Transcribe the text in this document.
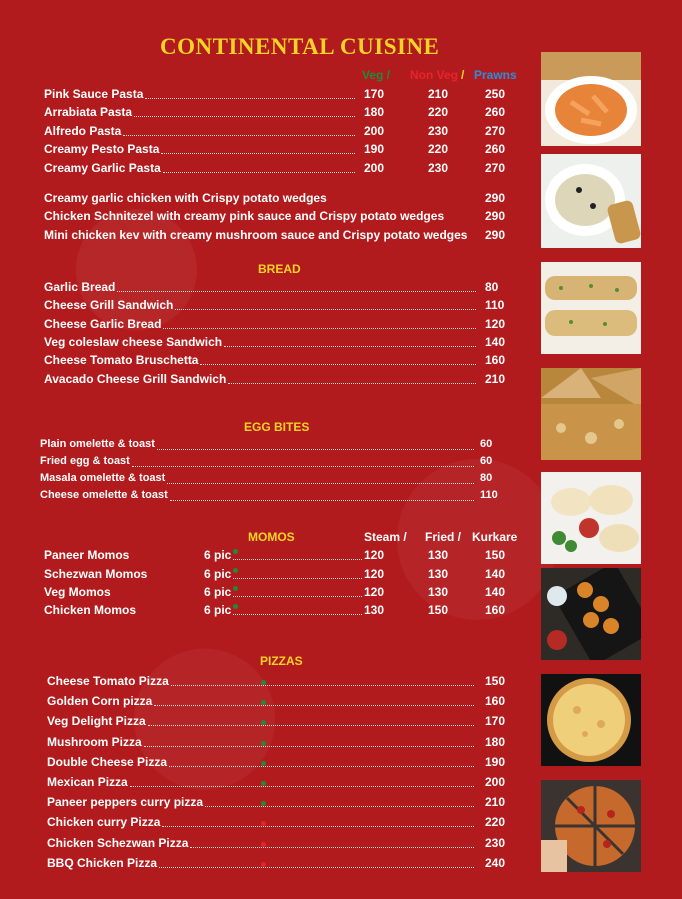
CONTINENTAL CUISINE
Veg / Non Veg / Prawns
Pink Sauce Pasta	170	210	250
Arrabiata Pasta	180	220	260
Alfredo Pasta	200	230	270
Creamy Pesto Pasta	190	220	260
Creamy Garlic Pasta	200	230	270
Creamy garlic chicken with Crispy potato wedges	290
Chicken Schnitezel with creamy pink sauce and Crispy potato wedges	290
Mini chicken kev with creamy mushroom sauce and Crispy potato wedges 290
BREAD
Garlic Bread	80
Cheese Grill Sandwich	110
Cheese Garlic Bread	120
Veg coleslaw cheese Sandwich	140
Cheese Tomato Bruschetta	160
Avacado Cheese Grill Sandwich	210
EGG BITES
Plain omelette & toast	60
Fried egg & toast	60
Masala omelette & toast	80
Cheese omelette & toast	110
MOMOS	Steam / Fried / Kurkare
Paneer Momos	6 pic	120	130	150
Schezwan Momos	6 pic	120	130	140
Veg Momos	6 pic	120	130	140
Chicken Momos	6 pic	130	150	160
PIZZAS
Cheese Tomato Pizza	150
Golden Corn pizza	160
Veg Delight Pizza	170
Mushroom Pizza	180
Double Cheese Pizza	190
Mexican Pizza	200
Paneer peppers curry pizza	210
Chicken curry Pizza	220
Chicken Schezwan Pizza	230
BBQ Chicken Pizza	240
